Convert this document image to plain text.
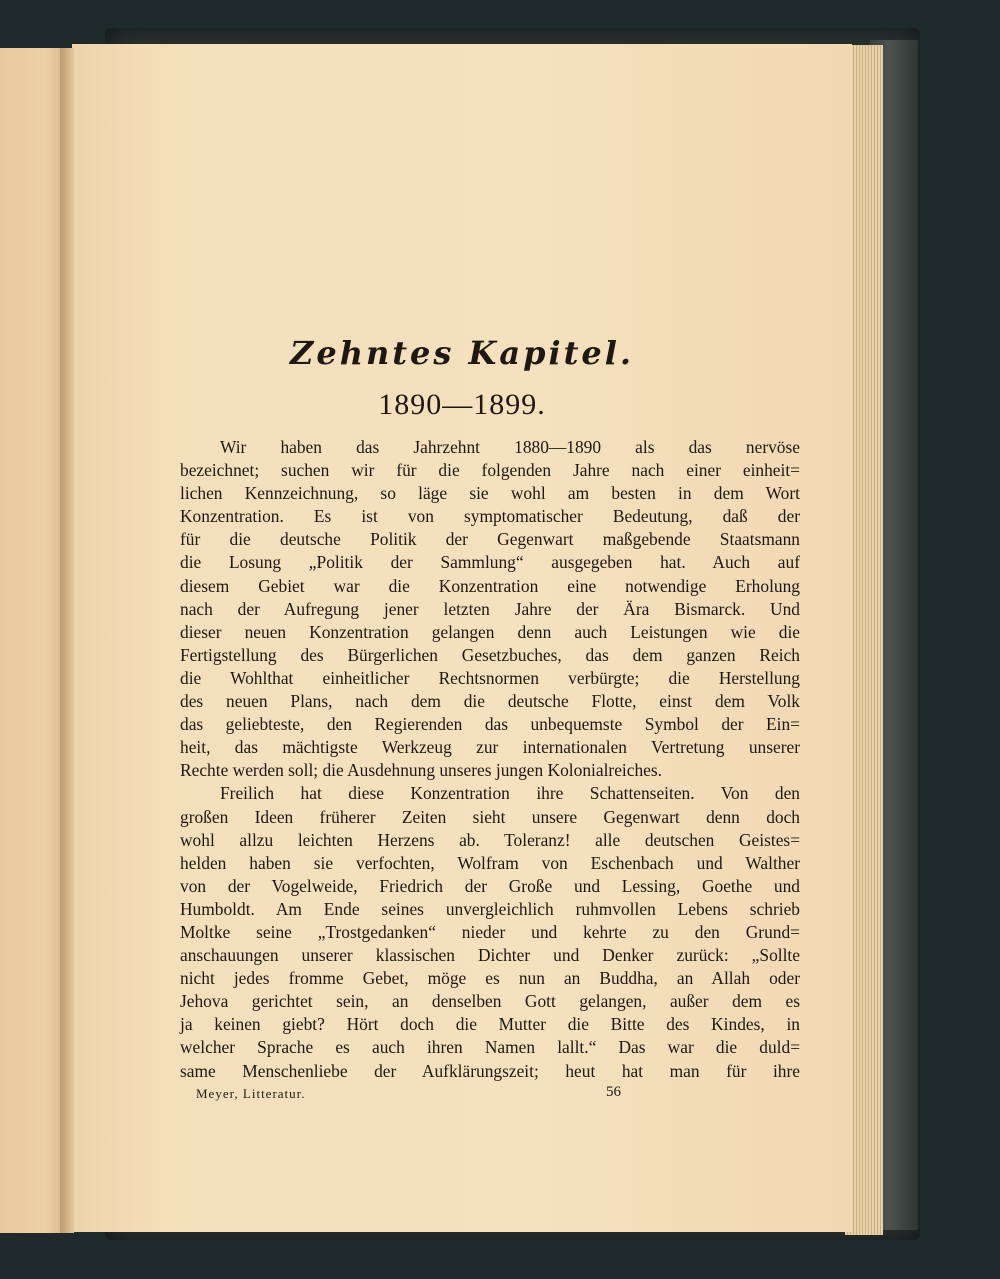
Zehntes Kapitel.
1890—1899.
Wir haben das Jahrzehnt 1880—1890 als das nervöse
bezeichnet; suchen wir für die folgenden Jahre nach einer einheit=
lichen Kennzeichnung, so läge sie wohl am besten in dem Wort
Konzentration. Es ist von symptomatischer Bedeutung, daß der
für die deutsche Politik der Gegenwart maßgebende Staatsmann
die Losung „Politik der Sammlung“ ausgegeben hat. Auch auf
diesem Gebiet war die Konzentration eine notwendige Erholung
nach der Aufregung jener letzten Jahre der Ära Bismarck. Und
dieser neuen Konzentration gelangen denn auch Leistungen wie die
Fertigstellung des Bürgerlichen Gesetzbuches, das dem ganzen Reich
die Wohlthat einheitlicher Rechtsnormen verbürgte; die Herstellung
des neuen Plans, nach dem die deutsche Flotte, einst dem Volk
das geliebteste, den Regierenden das unbequemste Symbol der Ein=
heit, das mächtigste Werkzeug zur internationalen Vertretung unserer
Rechte werden soll; die Ausdehnung unseres jungen Kolonialreiches.
Freilich hat diese Konzentration ihre Schattenseiten. Von den
großen Ideen früherer Zeiten sieht unsere Gegenwart denn doch
wohl allzu leichten Herzens ab. Toleranz! alle deutschen Geistes=
helden haben sie verfochten, Wolfram von Eschenbach und Walther
von der Vogelweide, Friedrich der Große und Lessing, Goethe und
Humboldt. Am Ende seines unvergleichlich ruhmvollen Lebens schrieb
Moltke seine „Trostgedanken“ nieder und kehrte zu den Grund=
anschauungen unserer klassischen Dichter und Denker zurück: „Sollte
nicht jedes fromme Gebet, möge es nun an Buddha, an Allah oder
Jehova gerichtet sein, an denselben Gott gelangen, außer dem es
ja keinen giebt? Hört doch die Mutter die Bitte des Kindes, in
welcher Sprache es auch ihren Namen lallt.“ Das war die duld=
same Menschenliebe der Aufklärungszeit; heut hat man für ihre
Meyer, Litteratur.	56
